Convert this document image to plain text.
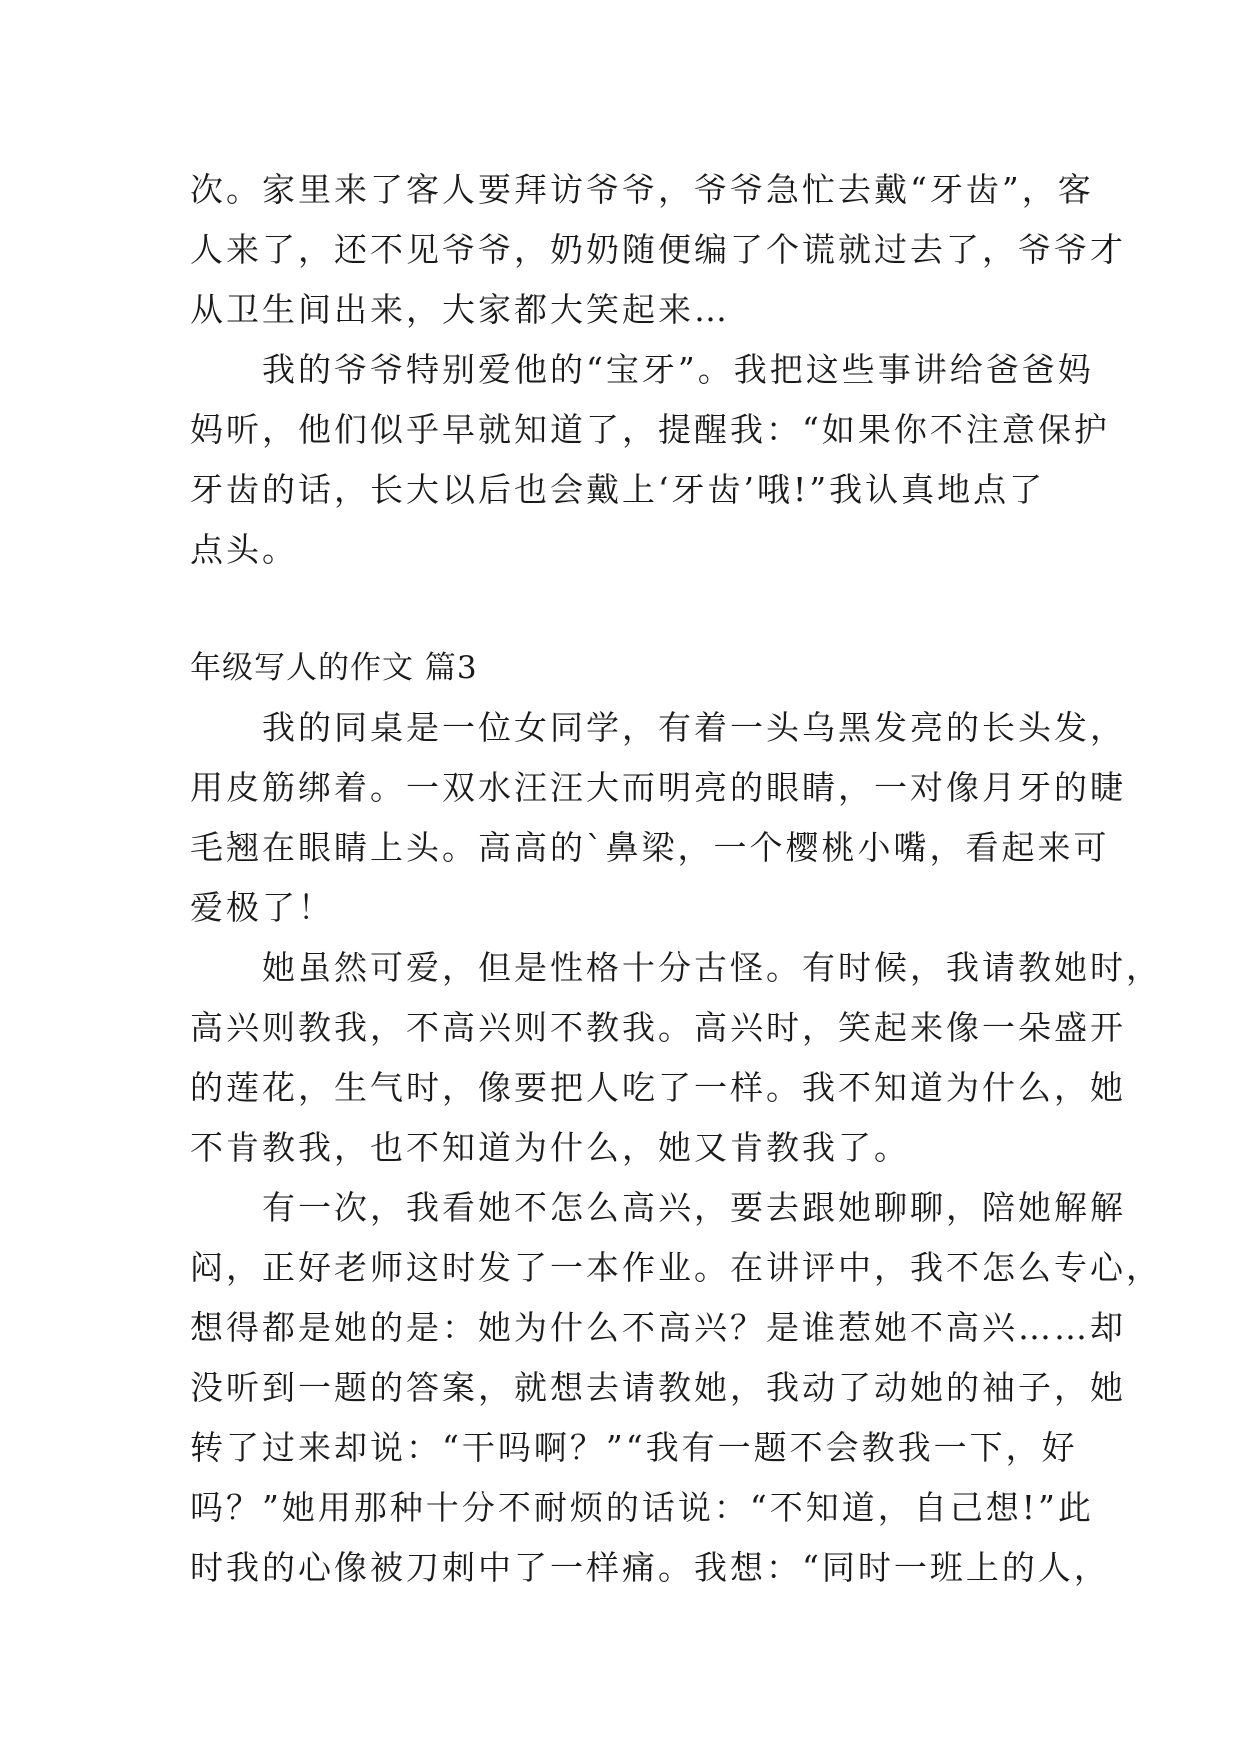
次。家里来了客人要拜访爷爷，爷爷急忙去戴“牙齿”，客
人来了，还不见爷爷，奶奶随便编了个谎就过去了，爷爷才
从卫生间出来，大家都大笑起来…
　　我的爷爷特别爱他的“宝牙”。我把这些事讲给爸爸妈
妈听，他们似乎早就知道了，提醒我：“如果你不注意保护
牙齿的话，长大以后也会戴上‘牙齿’哦!”我认真地点了
点头。
年级写人的作文 篇3
　　我的同桌是一位女同学，有着一头乌黑发亮的长头发，
用皮筋绑着。一双水汪汪大而明亮的眼睛，一对像月牙的睫
毛翘在眼睛上头。高高的`鼻梁，一个樱桃小嘴，看起来可
爱极了！
　　她虽然可爱，但是性格十分古怪。有时候，我请教她时，
高兴则教我，不高兴则不教我。高兴时，笑起来像一朵盛开
的莲花，生气时，像要把人吃了一样。我不知道为什么，她
不肯教我，也不知道为什么，她又肯教我了。
　　有一次，我看她不怎么高兴，要去跟她聊聊，陪她解解
闷，正好老师这时发了一本作业。在讲评中，我不怎么专心，
想得都是她的是：她为什么不高兴？是谁惹她不高兴……却
没听到一题的答案，就想去请教她，我动了动她的袖子，她
转了过来却说：“干吗啊？”“我有一题不会教我一下，好
吗？”她用那种十分不耐烦的话说：“不知道，自己想!”此
时我的心像被刀刺中了一样痛。我想：“同时一班上的人，
